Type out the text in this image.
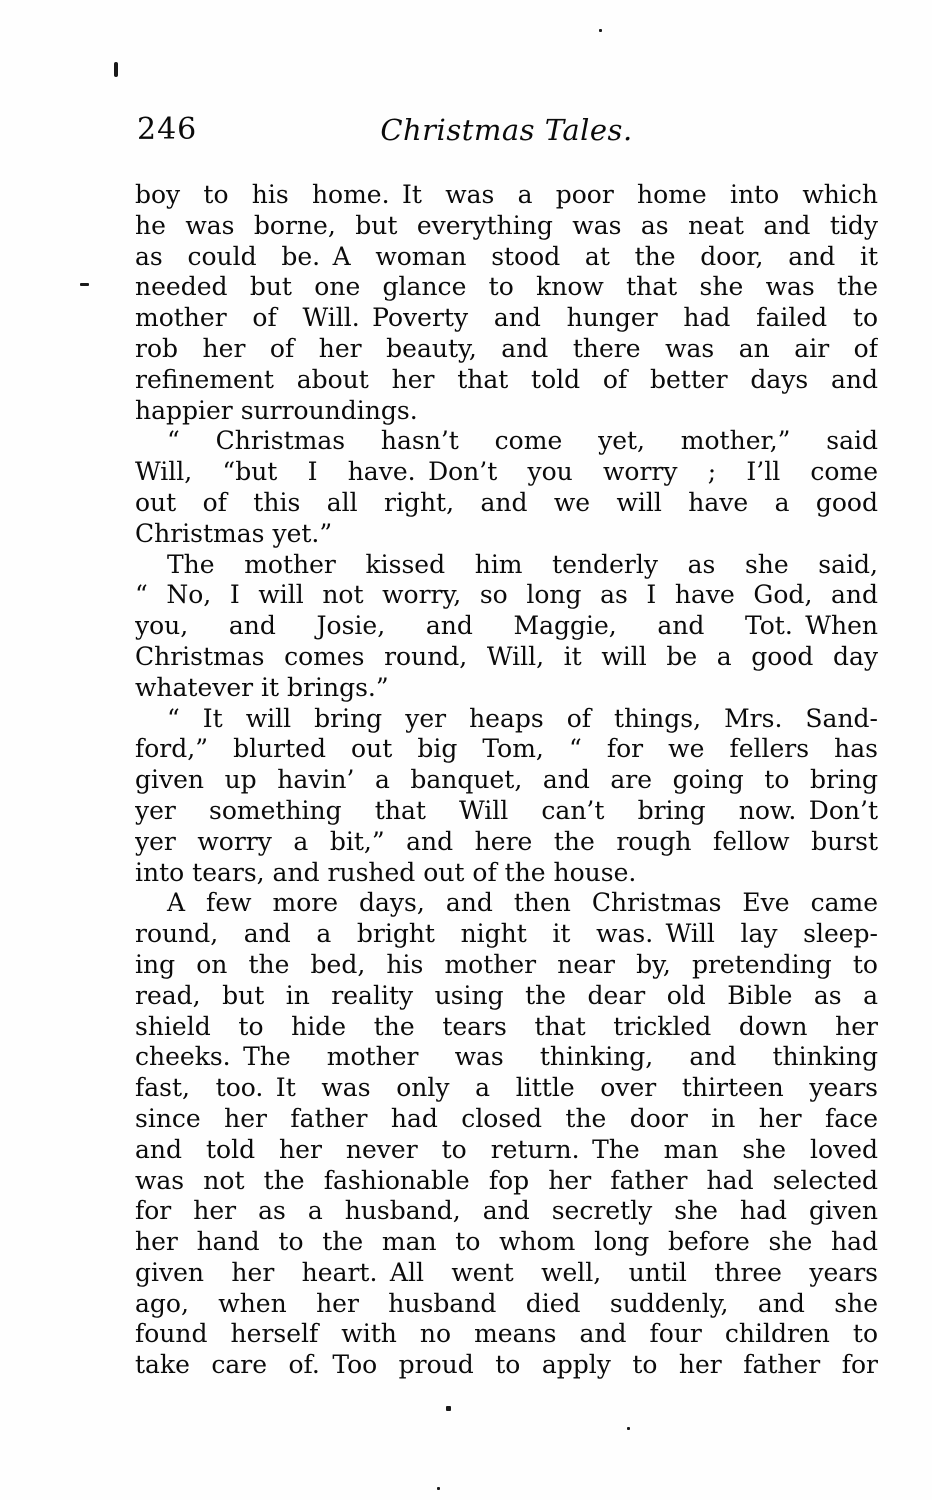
246	Christmas Tales.
boy to his home. It was a poor home into which
he was borne, but everything was as neat and tidy
as could be. A woman stood at the door, and it
needed but one glance to know that she was the
mother of Will. Poverty and hunger had failed to
rob her of her beauty, and there was an air of
refinement about her that told of better days and
happier surroundings.
“ Christmas hasn’t come yet, mother,” said
Will, “but I have. Don’t you worry ; I’ll come
out of this all right, and we will have a good
Christmas yet.”
The mother kissed him tenderly as she said,
“ No, I will not worry, so long as I have God, and
you, and Josie, and Maggie, and Tot. When
Christmas comes round, Will, it will be a good day
whatever it brings.”
“ It will bring yer heaps of things, Mrs. Sand-
ford,” blurted out big Tom, “ for we fellers has
given up havin’ a banquet, and are going to bring
yer something that Will can’t bring now. Don’t
yer worry a bit,” and here the rough fellow burst
into tears, and rushed out of the house.
A few more days, and then Christmas Eve came
round, and a bright night it was. Will lay sleep-
ing on the bed, his mother near by, pretending to
read, but in reality using the dear old Bible as a
shield to hide the tears that trickled down her
cheeks. The mother was thinking, and thinking
fast, too. It was only a little over thirteen years
since her father had closed the door in her face
and told her never to return. The man she loved
was not the fashionable fop her father had selected
for her as a husband, and secretly she had given
her hand to the man to whom long before she had
given her heart. All went well, until three years
ago, when her husband died suddenly, and she
found herself with no means and four children to
take care of. Too proud to apply to her father for
